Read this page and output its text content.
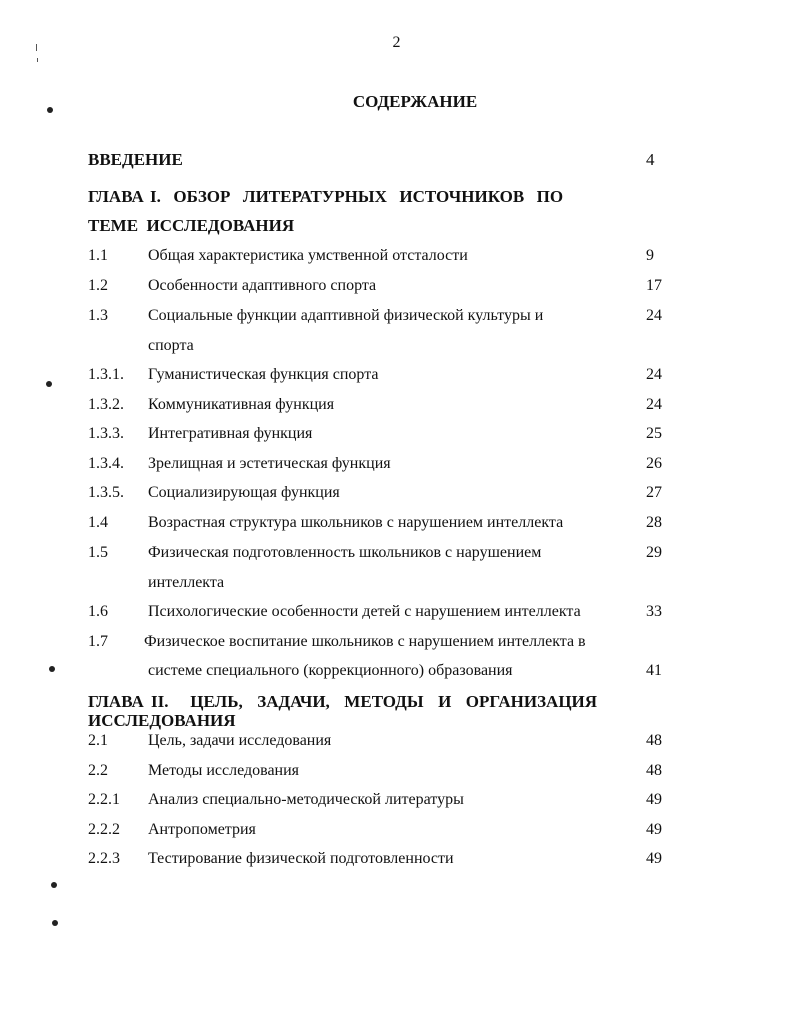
2
СОДЕРЖАНИЕ
ВВЕДЕНИЕ	4
ГЛАВА I.  ОБЗОР  ЛИТЕРАТУРНЫХ  ИСТОЧНИКОВ  ПО
ТЕМЕ  ИССЛЕДОВАНИЯ
1.1	Общая характеристика умственной отсталости	9
1.2	Особенности адаптивного спорта	17
1.3	Социальные функции адаптивной физической культуры и	24
спорта
1.3.1. Гуманистическая функция спорта	24
1.3.2. Коммуникативная функция	24
1.3.3. Интегративная функция	25
1.3.4. Зрелищная и эстетическая функция	26
1.3.5. Социализирующая функция	27
1.4	Возрастная структура школьников с нарушением интеллекта	28
1.5	Физическая подготовленность школьников с нарушением	29
интеллекта
1.6	Психологические особенности детей с нарушением интеллекта	33
1.7 Физическое воспитание школьников с нарушением интеллекта в
системе специального (коррекционного) образования	41
ГЛАВА II.   ЦЕЛЬ,  ЗАДАЧИ,  МЕТОДЫ  И  ОРГАНИЗАЦИЯ
ИССЛЕДОВАНИЯ
2.1	Цель, задачи исследования	48
2.2	Методы исследования	48
2.2.1 Анализ специально-методической литературы	49
2.2.2 Антропометрия	49
2.2.3 Тестирование физической подготовленности	49
